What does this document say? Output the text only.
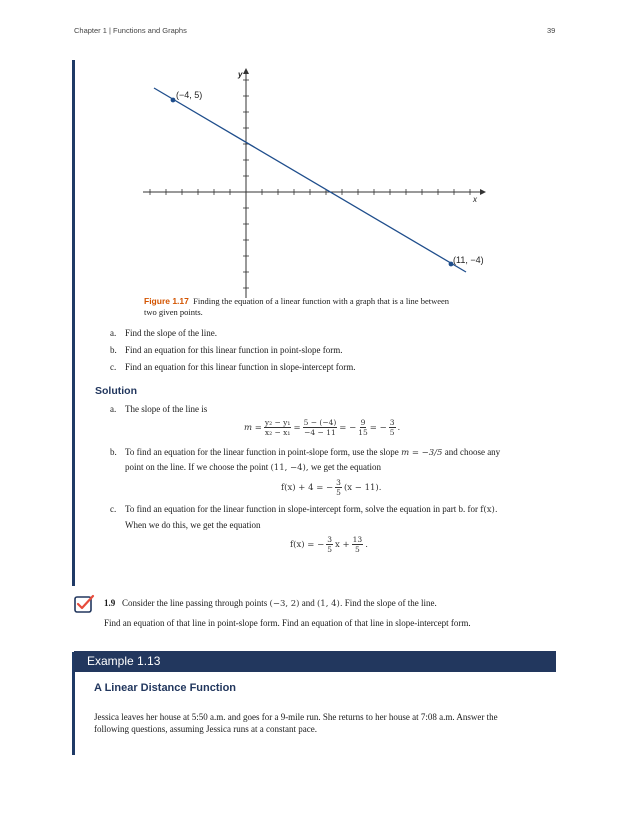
Chapter 1 | Functions and Graphs	39
(−4, 5)
(11, −4)
x
y
Figure 1.17 Finding the equation of a linear function with a graph that is a line between
two given points.
a. Find the slope of the line.
b. Find an equation for this linear function in point-slope form.
c. Find an equation for this linear function in slope-intercept form.
Solution
a. The slope of the line is
$m = \frac{\text{y₂ − y₁}}{\text{x₂ − x₁}} = \frac{5 - (-4)}{-4 - 11}$ = − $\frac{9}{15}$ = − $\frac{3}{5}$ .
b. To find an equation for the linear function in point-slope form, use the slope m = −3/5 and choose any
point on the line. If we choose the point (11, −4), we get the equation
f(x) + 4 = − $\frac{3}{5} (x - 11)$.
c. To find an equation for the linear function in slope-intercept form, solve the equation in part b. for f(x).
When we do this, we get the equation
f(x) = − $\frac{3}{5}$ $x + \frac{13}{5}$ .
1.9 Consider the line passing through points (−3, 2) and (1, 4). Find the slope of the line.
Find an equation of that line in point-slope form. Find an equation of that line in slope-intercept form.
Example 1.13
A Linear Distance Function
Jessica leaves her house at 5:50 a.m. and goes for a 9-mile run. She returns to her house at 7:08 a.m. Answer the
following questions, assuming Jessica runs at a constant pace.
